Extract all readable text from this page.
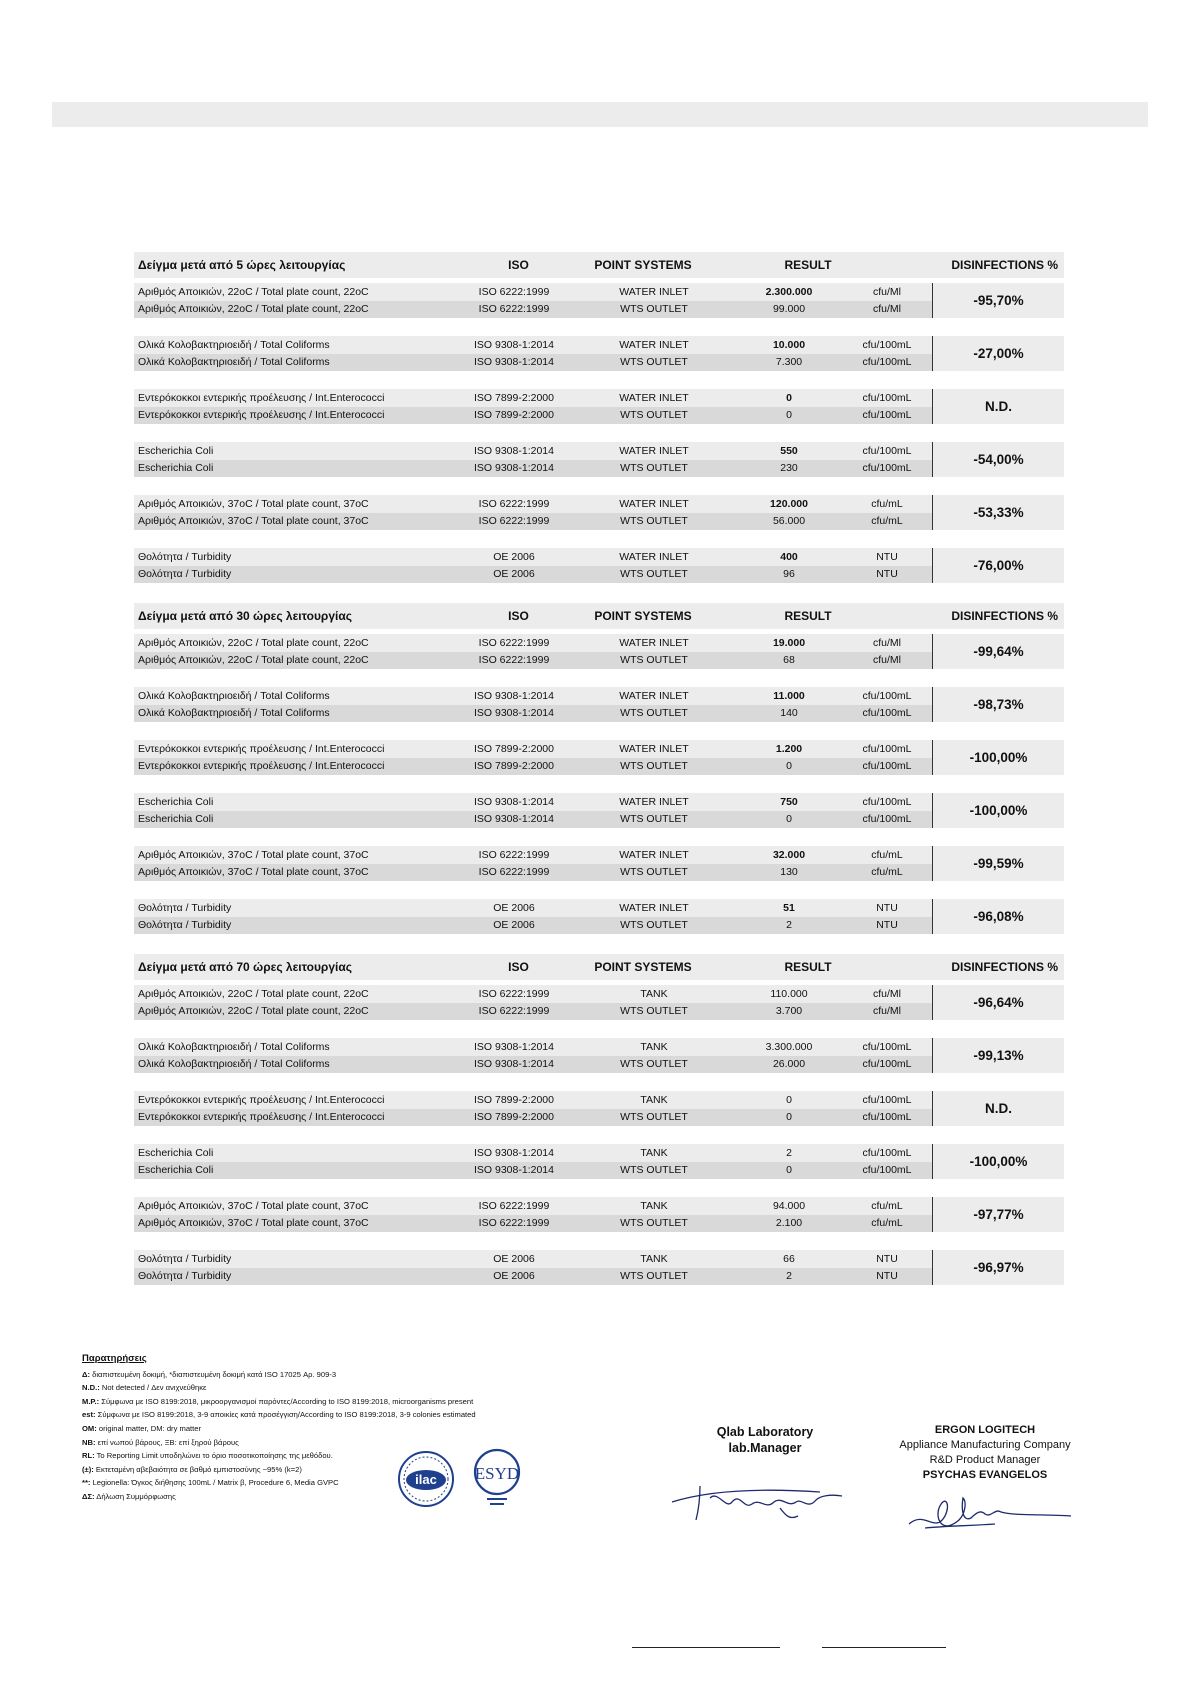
Δείγμα μετά από 5 ώρες λειτουργίας	ISO	POINT SYSTEMS	RESULT	DISINFECTIONS %
Αριθμός Αποικιών, 22oC / Total plate count, 22oC	ISO 6222:1999	WATER INLET	2.300.000	cfu/Ml
Αριθμός Αποικιών, 22oC / Total plate count, 22oC	ISO 6222:1999	WTS OUTLET	99.000	cfu/Ml
-95,70%
Ολικά Κολοβακτηριοειδή / Total Coliforms	ISO 9308-1:2014	WATER INLET	10.000	cfu/100mL
Ολικά Κολοβακτηριοειδή / Total Coliforms	ISO 9308-1:2014	WTS OUTLET	7.300	cfu/100mL
-27,00%
Εντερόκοκκοι εντερικής προέλευσης / Int.Enterococci	ISO 7899-2:2000	WATER INLET	0	cfu/100mL
Εντερόκοκκοι εντερικής προέλευσης / Int.Enterococci	ISO 7899-2:2000	WTS OUTLET	0	cfu/100mL
N.D.
Escherichia Coli	ISO 9308-1:2014	WATER INLET	550	cfu/100mL
Escherichia Coli	ISO 9308-1:2014	WTS OUTLET	230	cfu/100mL
-54,00%
Αριθμός Αποικιών, 37oC / Total plate count, 37oC	ISO 6222:1999	WATER INLET	120.000	cfu/mL
Αριθμός Αποικιών, 37oC / Total plate count, 37oC	ISO 6222:1999	WTS OUTLET	56.000	cfu/mL
-53,33%
Θολότητα / Turbidity	OE 2006	WATER INLET	400	NTU
Θολότητα / Turbidity	OE 2006	WTS OUTLET	96	NTU
-76,00%
Δείγμα μετά από 30 ώρες λειτουργίας	ISO	POINT SYSTEMS	RESULT	DISINFECTIONS %
Αριθμός Αποικιών, 22oC / Total plate count, 22oC	ISO 6222:1999	WATER INLET	19.000	cfu/Ml
Αριθμός Αποικιών, 22oC / Total plate count, 22oC	ISO 6222:1999	WTS OUTLET	68	cfu/Ml
-99,64%
Ολικά Κολοβακτηριοειδή / Total Coliforms	ISO 9308-1:2014	WATER INLET	11.000	cfu/100mL
Ολικά Κολοβακτηριοειδή / Total Coliforms	ISO 9308-1:2014	WTS OUTLET	140	cfu/100mL
-98,73%
Εντερόκοκκοι εντερικής προέλευσης / Int.Enterococci	ISO 7899-2:2000	WATER INLET	1.200	cfu/100mL
Εντερόκοκκοι εντερικής προέλευσης / Int.Enterococci	ISO 7899-2:2000	WTS OUTLET	0	cfu/100mL
-100,00%
Escherichia Coli	ISO 9308-1:2014	WATER INLET	750	cfu/100mL
Escherichia Coli	ISO 9308-1:2014	WTS OUTLET	0	cfu/100mL
-100,00%
Αριθμός Αποικιών, 37oC / Total plate count, 37oC	ISO 6222:1999	WATER INLET	32.000	cfu/mL
Αριθμός Αποικιών, 37oC / Total plate count, 37oC	ISO 6222:1999	WTS OUTLET	130	cfu/mL
-99,59%
Θολότητα / Turbidity	OE 2006	WATER INLET	51	NTU
Θολότητα / Turbidity	OE 2006	WTS OUTLET	2	NTU
-96,08%
Δείγμα μετά από 70 ώρες λειτουργίας	ISO	POINT SYSTEMS	RESULT	DISINFECTIONS %
Αριθμός Αποικιών, 22oC / Total plate count, 22oC	ISO 6222:1999	TANK	110.000	cfu/Ml
Αριθμός Αποικιών, 22oC / Total plate count, 22oC	ISO 6222:1999	WTS OUTLET	3.700	cfu/Ml
-96,64%
Ολικά Κολοβακτηριοειδή / Total Coliforms	ISO 9308-1:2014	TANK	3.300.000	cfu/100mL
Ολικά Κολοβακτηριοειδή / Total Coliforms	ISO 9308-1:2014	WTS OUTLET	26.000	cfu/100mL
-99,13%
Εντερόκοκκοι εντερικής προέλευσης / Int.Enterococci	ISO 7899-2:2000	TANK	0	cfu/100mL
Εντερόκοκκοι εντερικής προέλευσης / Int.Enterococci	ISO 7899-2:2000	WTS OUTLET	0	cfu/100mL
N.D.
Escherichia Coli	ISO 9308-1:2014	TANK	2	cfu/100mL
Escherichia Coli	ISO 9308-1:2014	WTS OUTLET	0	cfu/100mL
-100,00%
Αριθμός Αποικιών, 37oC / Total plate count, 37oC	ISO 6222:1999	TANK	94.000	cfu/mL
Αριθμός Αποικιών, 37oC / Total plate count, 37oC	ISO 6222:1999	WTS OUTLET	2.100	cfu/mL
-97,77%
Θολότητα / Turbidity	OE 2006	TANK	66	NTU
Θολότητα / Turbidity	OE 2006	WTS OUTLET	2	NTU
-96,97%
Παρατηρήσεις
Δ: διαπιστευμένη δοκιμή, *διαπιστευμένη δοκιμή κατά ISO 17025 Αρ. 909-3
N.D.: Not detected / Δεν ανιχνεύθηκε
M.P.: Σύμφωνα με ISO 8199:2018, μικροοργανισμοί παρόντες/According to ISO 8199:2018, microorganisms present
est: Σύμφωνα με ISO 8199:2018, 3-9 αποικίες κατά προσέγγιση/According to ISO 8199:2018, 3-9 colonies estimated
OM: original matter, DM: dry matter
NB: επί νωπού βάρους, ΞΒ: επί ξηρού βάρους
RL: To Reporting Limit υποδηλώνει το όριο ποσοτικοποίησης της μεθόδου.
(±): Εκτεταμένη αβεβαιότητα σε βαθμό εμπιστοσύνης ~95% (k=2)
**: Legionella: Όγκος διήθησης 100mL / Matrix β, Procedure 6, Media GVPC
ΔΣ: Δήλωση Συμμόρφωσης
ilac ESYD
Qlab Laboratory
lab.Manager
ERGON LOGITECH
Appliance Manufacturing Company
R&D Product Manager
PSYCHAS EVANGELOS
